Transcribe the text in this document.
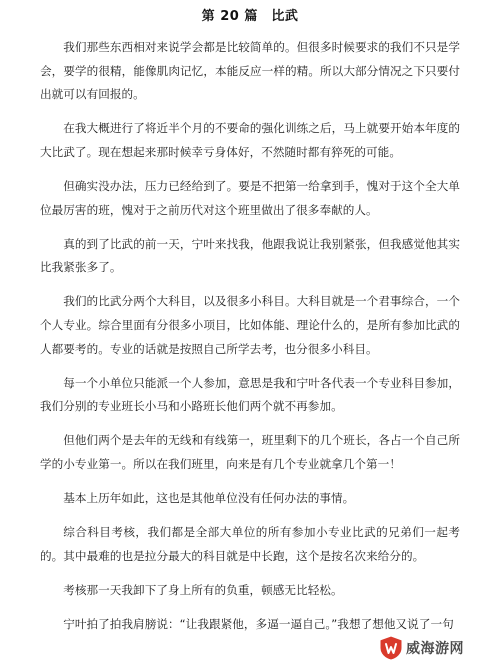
第 20 篇　比武

我们那些东西相对来说学会都是比较简单的。但很多时候要求的我们不只是学会，要学的很精，能像肌肉记忆，本能反应一样的精。所以大部分情况之下只要付出就可以有回报的。

在我大概进行了将近半个月的不要命的强化训练之后，马上就要开始本年度的大比武了。现在想起来那时候幸亏身体好，不然随时都有猝死的可能。

但确实没办法，压力已经给到了。要是不把第一给拿到手，愧对于这个全大单位最厉害的班，愧对于之前历代对这个班里做出了很多奉献的人。

真的到了比武的前一天，宁叶来找我，他跟我说让我别紧张，但我感觉他其实比我紧张多了。

我们的比武分两个大科目，以及很多小科目。大科目就是一个君事综合，一个个人专业。综合里面有分很多小项目，比如体能、理论什么的，是所有参加比武的人都要考的。专业的话就是按照自己所学去考，也分很多小科目。

每一个小单位只能派一个人参加，意思是我和宁叶各代表一个专业科目参加，我们分别的专业班长小马和小路班长他们两个就不再参加。

但他们两个是去年的无线和有线第一，班里剩下的几个班长，各占一个自己所学的小专业第一。所以在我们班里，向来是有几个专业就拿几个第一！

基本上历年如此，这也是其他单位没有任何办法的事情。

综合科目考核，我们都是全部大单位的所有参加小专业比武的兄弟们一起考的。其中最难的也是拉分最大的科目就是中长跑，这个是按名次来给分的。

考核那一天我卸下了身上所有的负重，顿感无比轻松。

宁叶拍了拍我肩膀说：“让我跟紧他，多逼一逼自己。”我想了想他又说了一句

威海游网
